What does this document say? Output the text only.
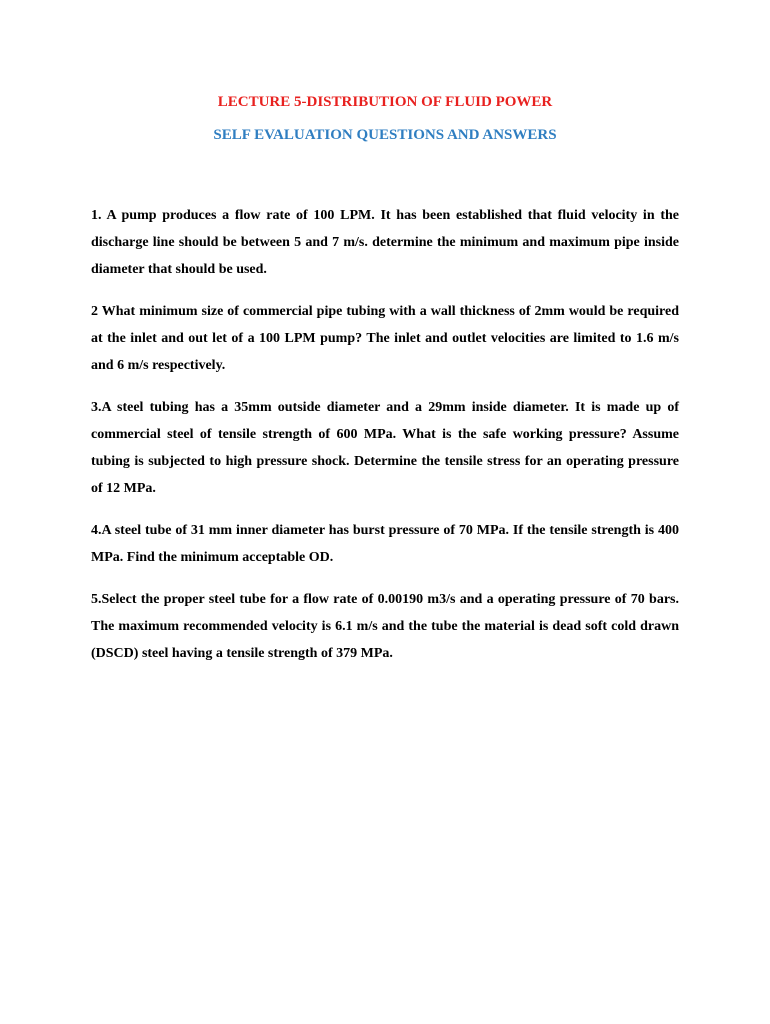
LECTURE 5-DISTRIBUTION OF FLUID POWER
SELF EVALUATION QUESTIONS AND ANSWERS

1. A pump produces a flow rate of 100 LPM. It has been established that fluid velocity in the discharge line should be between 5 and 7 m/s. determine the minimum and maximum pipe inside diameter that should be used.

2 What minimum size of commercial pipe tubing with a wall thickness of 2mm would be required at the inlet and out let of a 100 LPM pump? The inlet and outlet velocities are limited to 1.6 m/s and 6 m/s respectively.

3.A steel tubing has a 35mm outside diameter and a 29mm inside diameter. It is made up of commercial steel of tensile strength of 600 MPa. What is the safe working pressure? Assume tubing is subjected to high pressure shock. Determine the tensile stress for an operating pressure of 12 MPa.

4.A steel tube of 31 mm inner diameter has burst pressure of 70 MPa. If the tensile strength is 400 MPa. Find the minimum acceptable OD.

5.Select the proper steel tube for a flow rate of 0.00190 m3/s and a operating pressure of 70 bars. The maximum recommended velocity is 6.1 m/s and the tube the material is dead soft cold drawn (DSCD) steel having a tensile strength of 379 MPa.
